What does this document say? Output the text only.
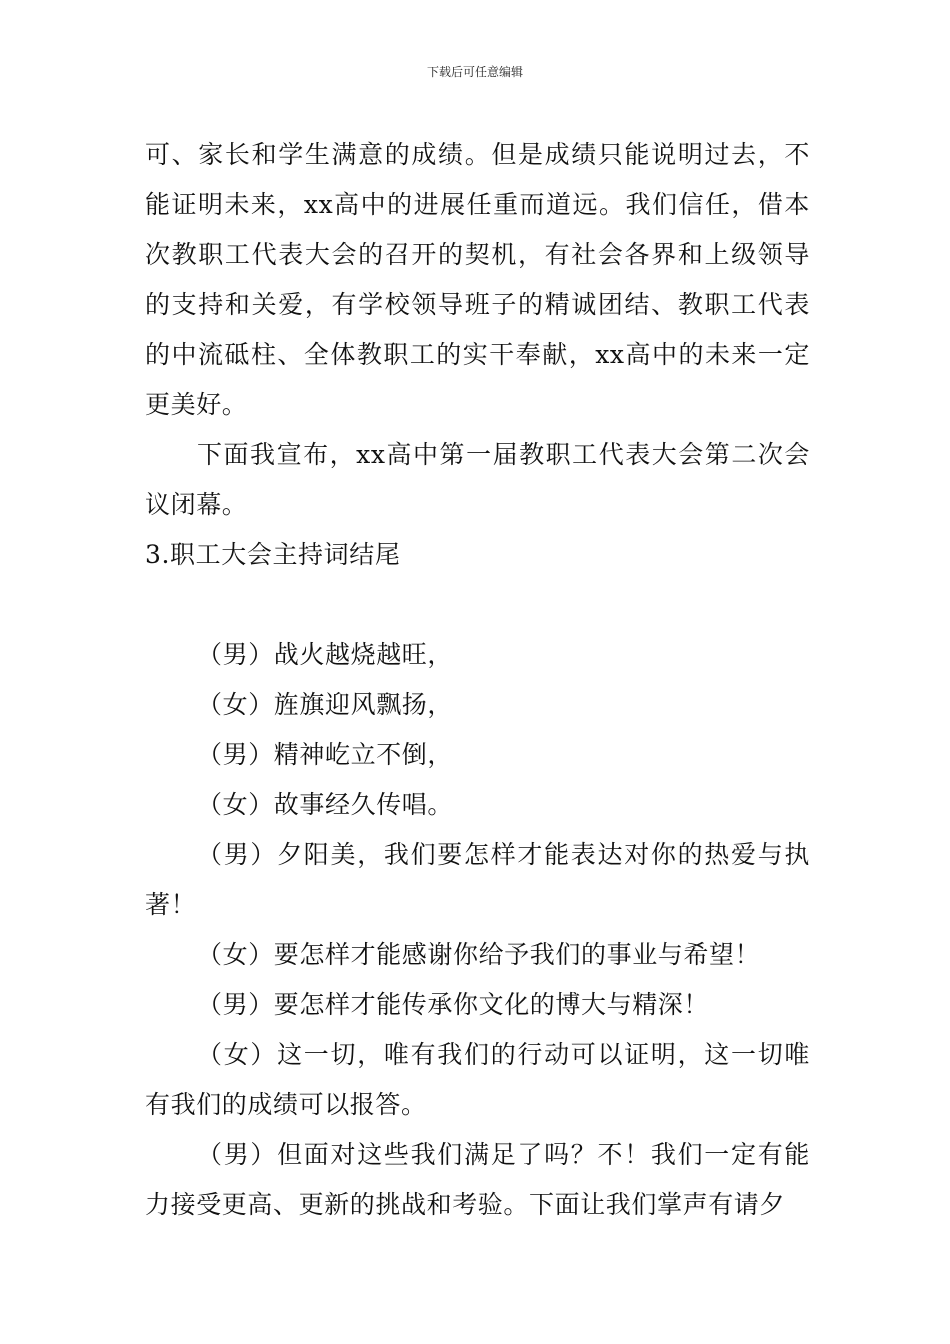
下载后可任意编辑

可、家长和学生满意的成绩。但是成绩只能说明过去，不能证明未来，xx高中的进展任重而道远。我们信任，借本次教职工代表大会的召开的契机，有社会各界和上级领导的支持和关爱，有学校领导班子的精诚团结、教职工代表的中流砥柱、全体教职工的实干奉献，xx高中的未来一定更美好。

下面我宣布，xx高中第一届教职工代表大会第二次会议闭幕。

3.职工大会主持词结尾

（男）战火越烧越旺，

（女）旌旗迎风飘扬，

（男）精神屹立不倒，

（女）故事经久传唱。

（男）夕阳美，我们要怎样才能表达对你的热爱与执著！

（女）要怎样才能感谢你给予我们的事业与希望！

（男）要怎样才能传承你文化的博大与精深！

（女）这一切，唯有我们的行动可以证明，这一切唯有我们的成绩可以报答。

（男）但面对这些我们满足了吗？不！我们一定有能力接受更高、更新的挑战和考验。下面让我们掌声有请夕
